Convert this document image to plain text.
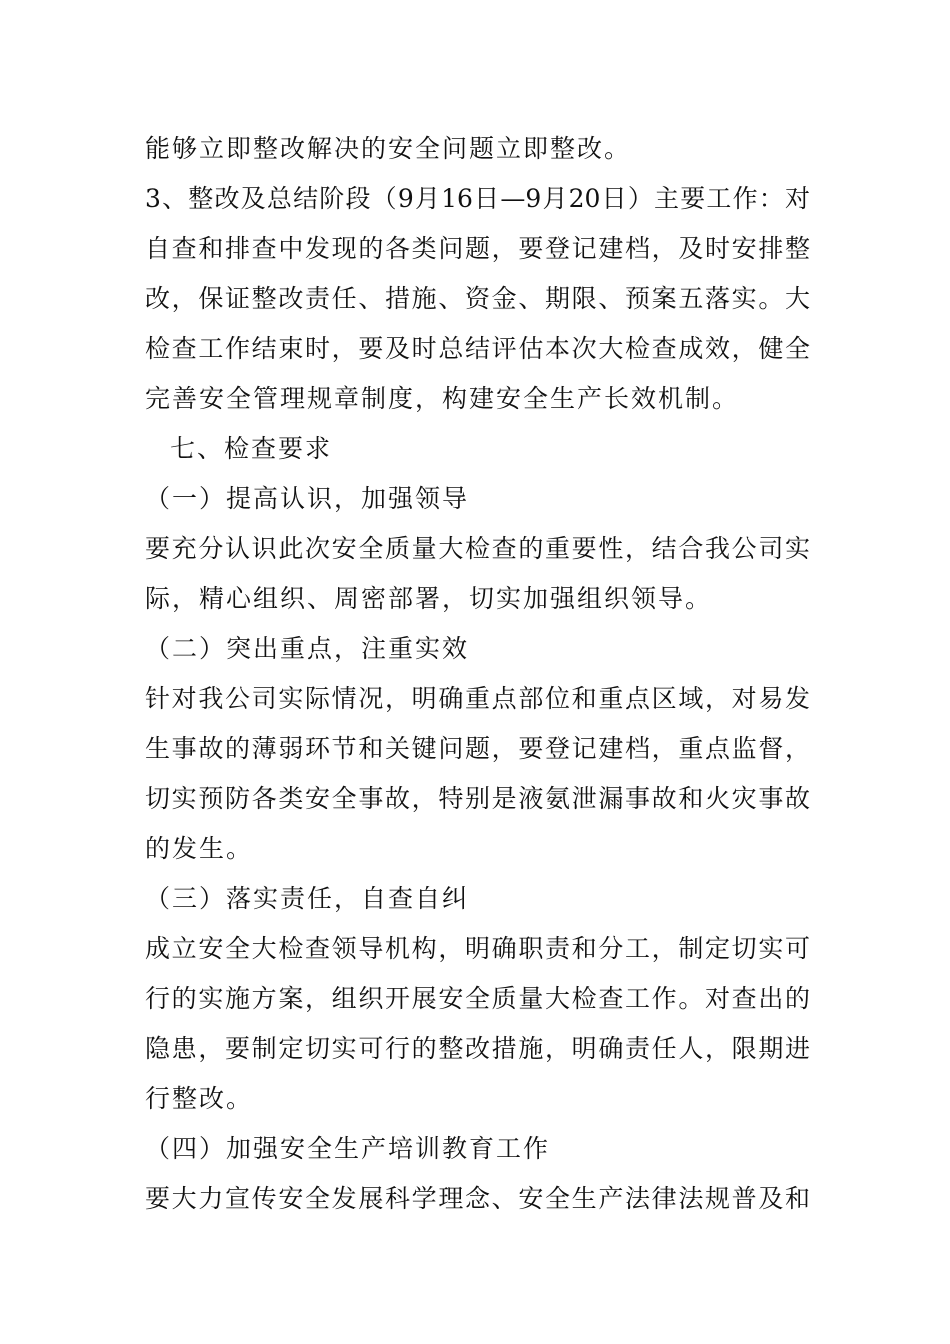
能够立即整改解决的安全问题立即整改。
3、整改及总结阶段（9月16日—9月20日）主要工作：对
自查和排查中发现的各类问题，要登记建档，及时安排整
改，保证整改责任、措施、资金、期限、预案五落实。大
检查工作结束时，要及时总结评估本次大检查成效，健全
完善安全管理规章制度，构建安全生产长效机制。
七、检查要求
（一）提高认识，加强领导
要充分认识此次安全质量大检查的重要性，结合我公司实
际，精心组织、周密部署，切实加强组织领导。
（二）突出重点，注重实效
针对我公司实际情况，明确重点部位和重点区域，对易发
生事故的薄弱环节和关键问题，要登记建档，重点监督，
切实预防各类安全事故，特别是液氨泄漏事故和火灾事故
的发生。
（三）落实责任，自查自纠
成立安全大检查领导机构，明确职责和分工，制定切实可
行的实施方案，组织开展安全质量大检查工作。对查出的
隐患，要制定切实可行的整改措施，明确责任人，限期进
行整改。
（四）加强安全生产培训教育工作
要大力宣传安全发展科学理念、安全生产法律法规普及和
